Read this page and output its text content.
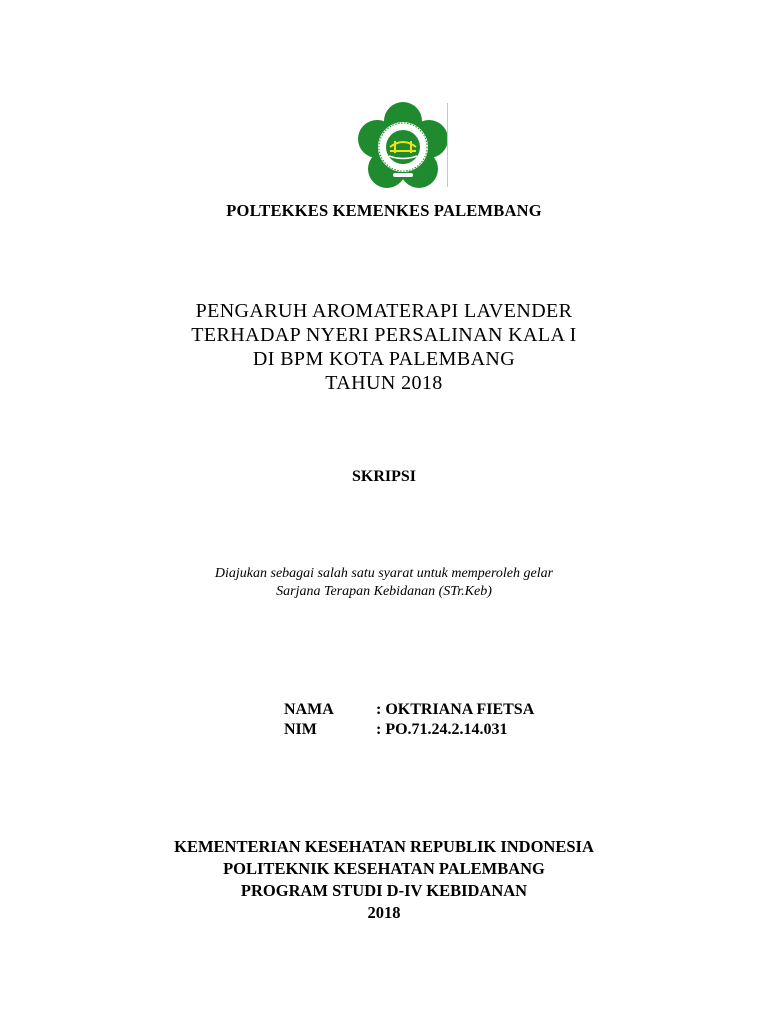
POLTEKKES KEMENKES PALEMBANG
PENGARUH AROMATERAPI LAVENDER
TERHADAP NYERI PERSALINAN KALA I
DI BPM KOTA PALEMBANG
TAHUN 2018
SKRIPSI
Diajukan sebagai salah satu syarat untuk memperoleh gelar
Sarjana Terapan Kebidanan (STr.Keb)
NAMA	: OKTRIANA FIETSA
NIM	: PO.71.24.2.14.031
KEMENTERIAN KESEHATAN REPUBLIK INDONESIA
POLITEKNIK KESEHATAN PALEMBANG
PROGRAM STUDI D-IV KEBIDANAN
2018
